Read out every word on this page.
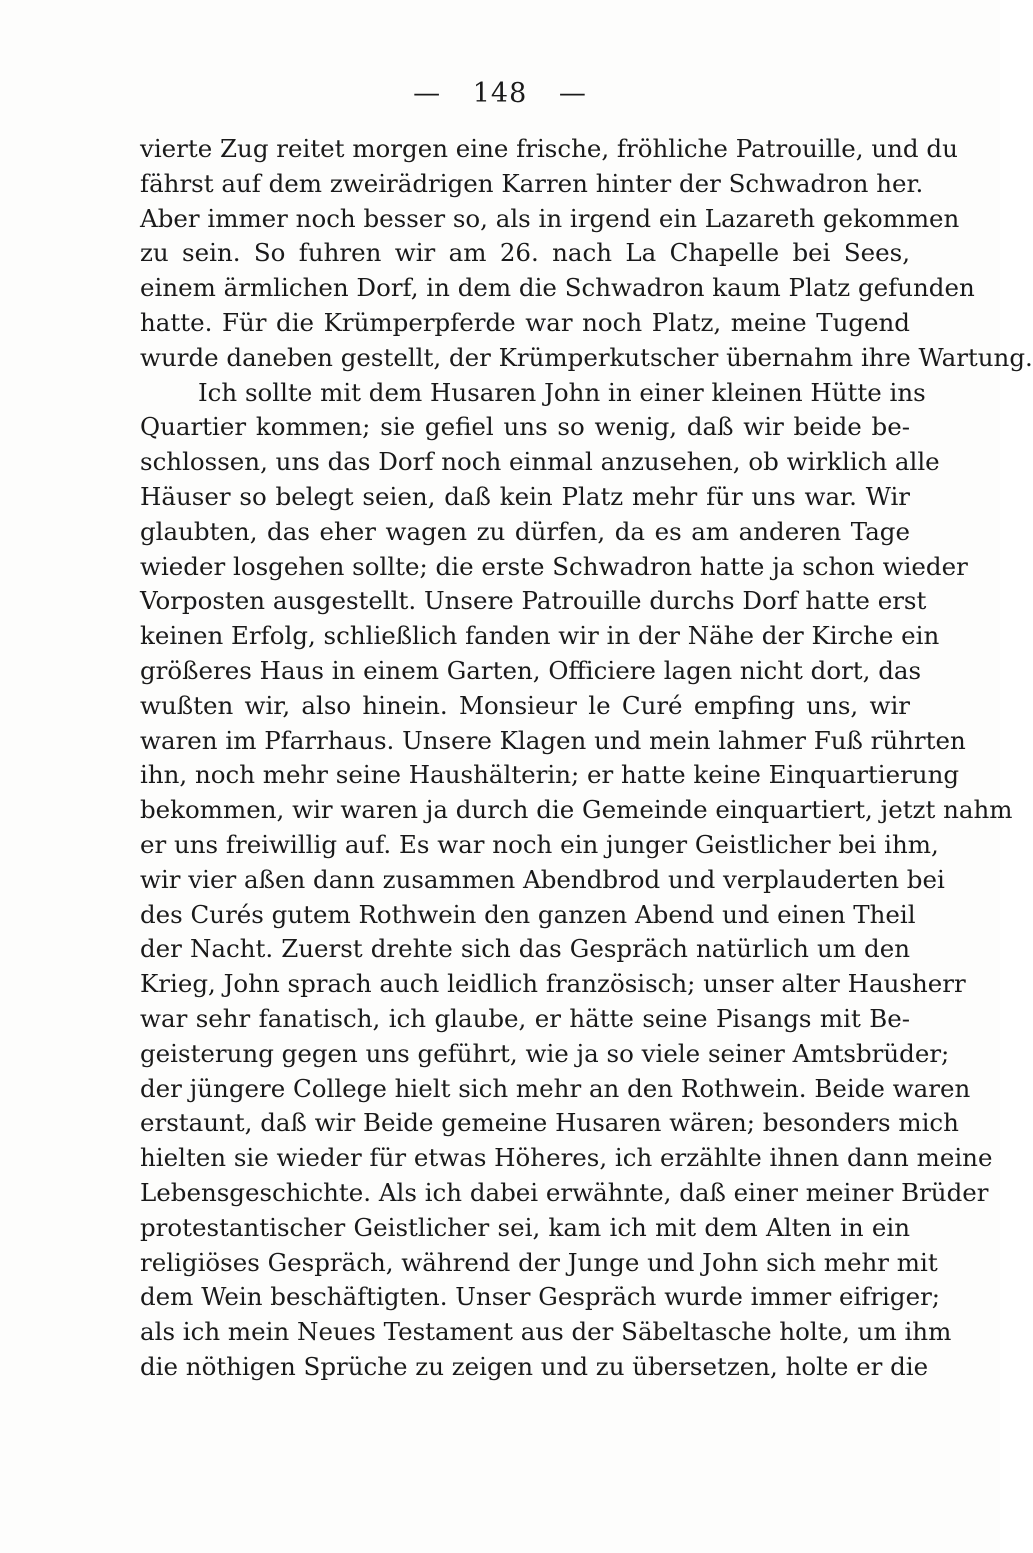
— 148 —
vierte Zug reitet morgen eine frische, fröhliche Patrouille, und du
fährst auf dem zweirädrigen Karren hinter der Schwadron her.
Aber immer noch besser so, als in irgend ein Lazareth gekommen
zu sein. So fuhren wir am 26. nach La Chapelle bei Sees,
einem ärmlichen Dorf, in dem die Schwadron kaum Platz gefunden
hatte. Für die Krümperpferde war noch Platz, meine Tugend
wurde daneben gestellt, der Krümperkutscher übernahm ihre Wartung.
Ich sollte mit dem Husaren John in einer kleinen Hütte ins
Quartier kommen; sie gefiel uns so wenig, daß wir beide be-
schlossen, uns das Dorf noch einmal anzusehen, ob wirklich alle
Häuser so belegt seien, daß kein Platz mehr für uns war. Wir
glaubten, das eher wagen zu dürfen, da es am anderen Tage
wieder losgehen sollte; die erste Schwadron hatte ja schon wieder
Vorposten ausgestellt. Unsere Patrouille durchs Dorf hatte erst
keinen Erfolg, schließlich fanden wir in der Nähe der Kirche ein
größeres Haus in einem Garten, Officiere lagen nicht dort, das
wußten wir, also hinein. Monsieur le Curé empfing uns, wir
waren im Pfarrhaus. Unsere Klagen und mein lahmer Fuß rührten
ihn, noch mehr seine Haushälterin; er hatte keine Einquartierung
bekommen, wir waren ja durch die Gemeinde einquartiert, jetzt nahm
er uns freiwillig auf. Es war noch ein junger Geistlicher bei ihm,
wir vier aßen dann zusammen Abendbrod und verplauderten bei
des Curés gutem Rothwein den ganzen Abend und einen Theil
der Nacht. Zuerst drehte sich das Gespräch natürlich um den
Krieg, John sprach auch leidlich französisch; unser alter Hausherr
war sehr fanatisch, ich glaube, er hätte seine Pisangs mit Be-
geisterung gegen uns geführt, wie ja so viele seiner Amtsbrüder;
der jüngere College hielt sich mehr an den Rothwein. Beide waren
erstaunt, daß wir Beide gemeine Husaren wären; besonders mich
hielten sie wieder für etwas Höheres, ich erzählte ihnen dann meine
Lebensgeschichte. Als ich dabei erwähnte, daß einer meiner Brüder
protestantischer Geistlicher sei, kam ich mit dem Alten in ein
religiöses Gespräch, während der Junge und John sich mehr mit
dem Wein beschäftigten. Unser Gespräch wurde immer eifriger;
als ich mein Neues Testament aus der Säbeltasche holte, um ihm
die nöthigen Sprüche zu zeigen und zu übersetzen, holte er die
